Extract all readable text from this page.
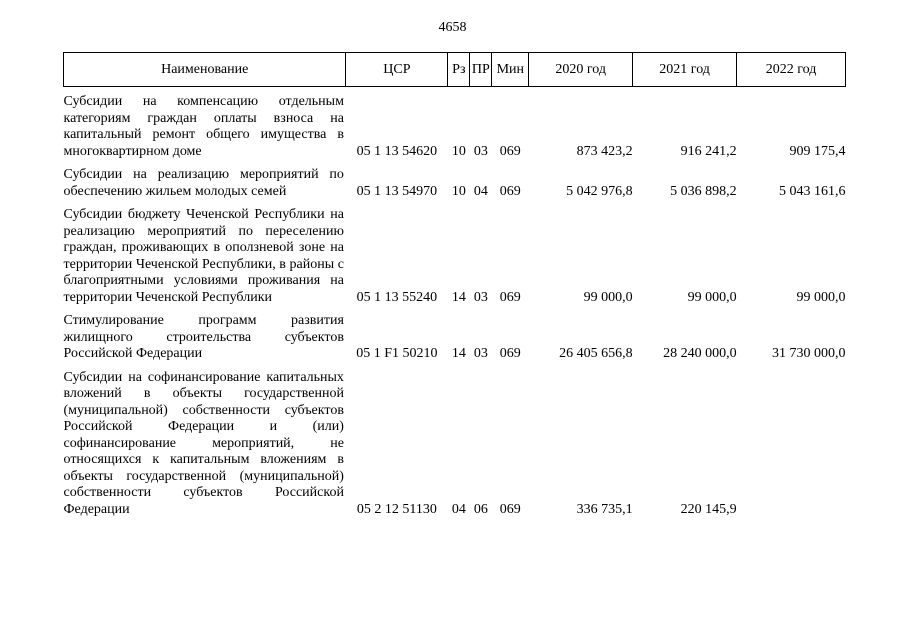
4658
Наименование	ЦСР	Рз	ПР	Мин	2020 год	2021 год	2022 год

Субсидии на компенсацию отдельным категориям граждан оплаты взноса на капитальный ремонт общего имущества в многоквартирном доме	05 1 13 54620	10	03	069	873 423,2	916 241,2	909 175,4

Субсидии на реализацию мероприятий по обеспечению жильем молодых семей	05 1 13 54970	10	04	069	5 042 976,8	5 036 898,2	5 043 161,6

Субсидии бюджету Чеченской Республики на реализацию мероприятий по переселению граждан, проживающих в оползневой зоне на территории Чеченской Республики, в районы с благоприятными условиями проживания на территории Чеченской Республики	05 1 13 55240	14	03	069	99 000,0	99 000,0	99 000,0

Стимулирование программ развития жилищного строительства субъектов Российской Федерации	05 1 F1 50210	14	03	069	26 405 656,8	28 240 000,0	31 730 000,0

Субсидии на софинансирование капитальных вложений в объекты государственной (муниципальной) собственности субъектов Российской Федерации и (или) софинансирование мероприятий, не относящихся к капитальным вложениям в объекты государственной (муниципальной) собственности субъектов Российской Федерации	05 2 12 51130	04	06	069	336 735,1	220 145,9	
